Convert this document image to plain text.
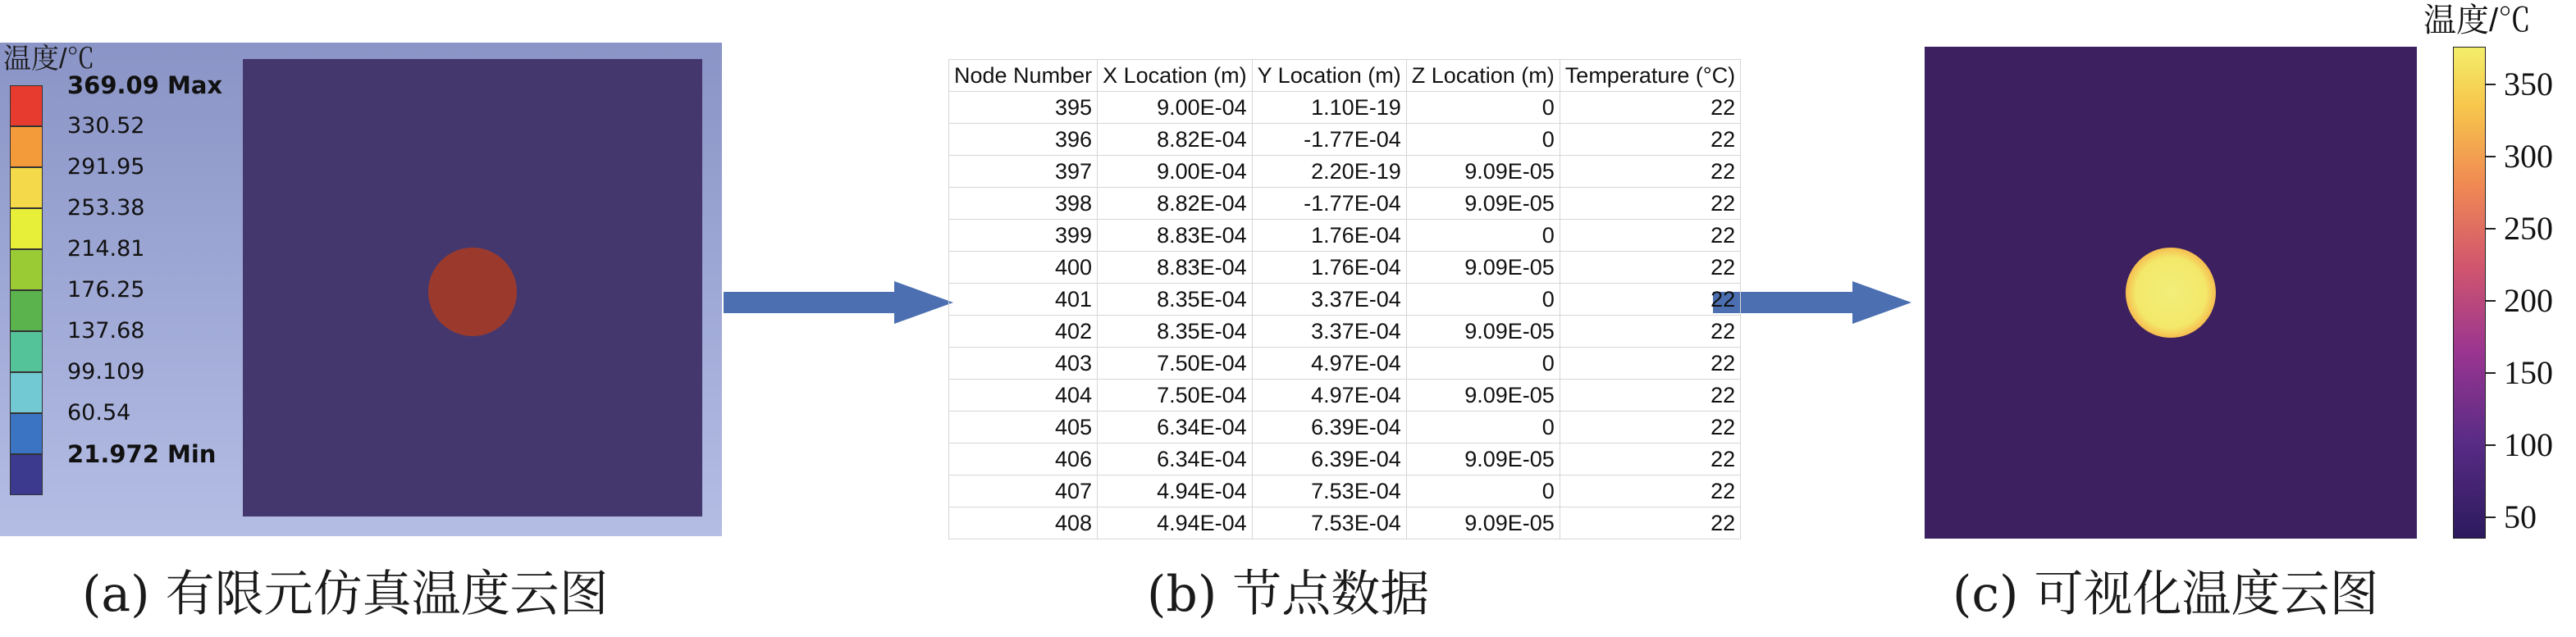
温度/℃
369.09 Max
330.52
291.95
253.38
214.81
176.25
137.68
99.109
60.54
21.972 Min
Node Number	X Location (m)	Y Location (m)	Z Location (m)	Temperature (°C)
395	9.00E-04	1.10E-19	0	22
396	8.82E-04	-1.77E-04	0	22
397	9.00E-04	2.20E-19	9.09E-05	22
398	8.82E-04	-1.77E-04	9.09E-05	22
399	8.83E-04	1.76E-04	0	22
400	8.83E-04	1.76E-04	9.09E-05	22
401	8.35E-04	3.37E-04	0	22
402	8.35E-04	3.37E-04	9.09E-05	22
403	7.50E-04	4.97E-04	0	22
404	7.50E-04	4.97E-04	9.09E-05	22
405	6.34E-04	6.39E-04	0	22
406	6.34E-04	6.39E-04	9.09E-05	22
407	4.94E-04	7.53E-04	0	22
408	4.94E-04	7.53E-04	9.09E-05	22
温度/℃
350
300
250
200
150
100
50
(a) 有限元仿真温度云图	(b) 节点数据	(c) 可视化温度云图
